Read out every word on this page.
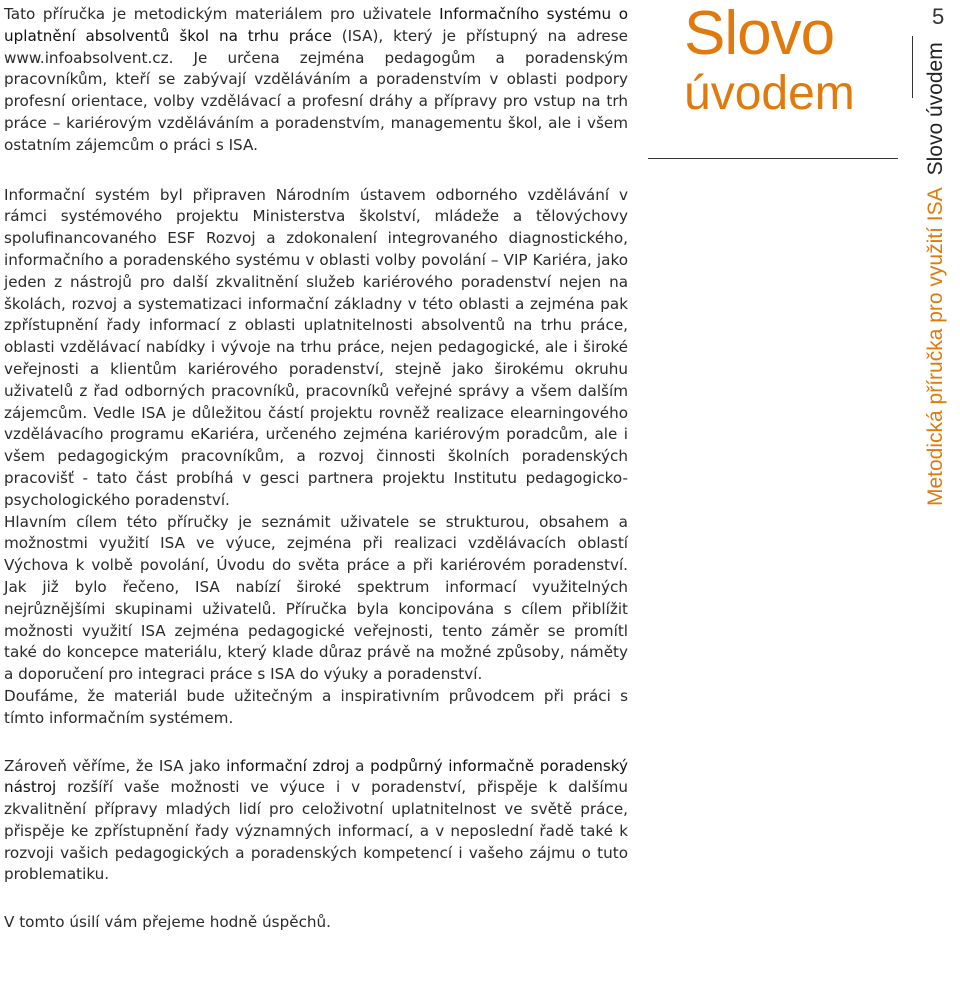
Tato příručka je metodickým materiálem pro uživatele Informačního systému o uplatnění absolventů škol na trhu práce (ISA), který je přístupný na adrese www.infoabsolvent.cz. Je určena zejména pedagogům a poradenským pracovníkům, kteří se zabývají vzděláváním a poradenstvím v oblasti podpory profesní orientace, volby vzdělávací a profesní dráhy a přípravy pro vstup na trh práce – kariérovým vzděláváním a poradenstvím, managementu škol, ale i všem ostatním zájemcům o práci s ISA.

Informační systém byl připraven Národním ústavem odborného vzdělávání v rámci systémového projektu Ministerstva školství, mládeže a tělovýchovy spolufinancovaného ESF Rozvoj a zdokonalení integrovaného diagnostického, informačního a poradenského systému v oblasti volby povolání – VIP Kariéra, jako jeden z nástrojů pro další zkvalitnění služeb kariérového poradenství nejen na školách, rozvoj a systematizaci informační základny v této oblasti a zejména pak zpřístupnění řady informací z oblasti uplatnitelnosti absolventů na trhu práce, oblasti vzdělávací nabídky i vývoje na trhu práce, nejen pedagogické, ale i široké veřejnosti a klientům kariérového poradenství, stejně jako širokému okruhu uživatelů z řad odborných pracovníků, pracovníků veřejné správy a všem dalším zájemcům. Vedle ISA je důležitou částí projektu rovněž realizace elearningového vzdělávacího programu eKariéra, určeného zejména kariérovým poradcům, ale i všem pedagogickým pracovníkům, a rozvoj činnosti školních poradenských pracovišť - tato část probíhá v gesci partnera projektu Institutu pedagogicko-psychologického poradenství.

Hlavním cílem této příručky je seznámit uživatele se strukturou, obsahem a možnostmi využití ISA ve výuce, zejména při realizaci vzdělávacích oblastí Výchova k volbě povolání, Úvodu do světa práce a při kariérovém poradenství. Jak již bylo řečeno, ISA nabízí široké spektrum informací využitelných nejrůznějšími skupinami uživatelů. Příručka byla koncipována s cílem přiblížit možnosti využití ISA zejména pedagogické veřejnosti, tento záměr se promítl také do koncepce materiálu, který klade důraz právě na možné způsoby, náměty a doporučení pro integraci práce s ISA do výuky a poradenství.

Doufáme, že materiál bude užitečným a inspirativním průvodcem při práci s tímto informačním systémem.

Zároveň věříme, že ISA jako informační zdroj a podpůrný informačně poradenský nástroj rozšíří vaše možnosti ve výuce i v poradenství, přispěje k dalšímu zkvalitnění přípravy mladých lidí pro celoživotní uplatnitelnost ve světě práce, přispěje ke zpřístupnění řady významných informací, a v neposlední řadě také k rozvoji vašich pedagogických a poradenských kompetencí i vašeho zájmu o tuto problematiku.

V tomto úsilí vám přejeme hodně úspěchů.

Slovo
úvodem
5
Metodická příručka pro využití ISASlovo úvodem
